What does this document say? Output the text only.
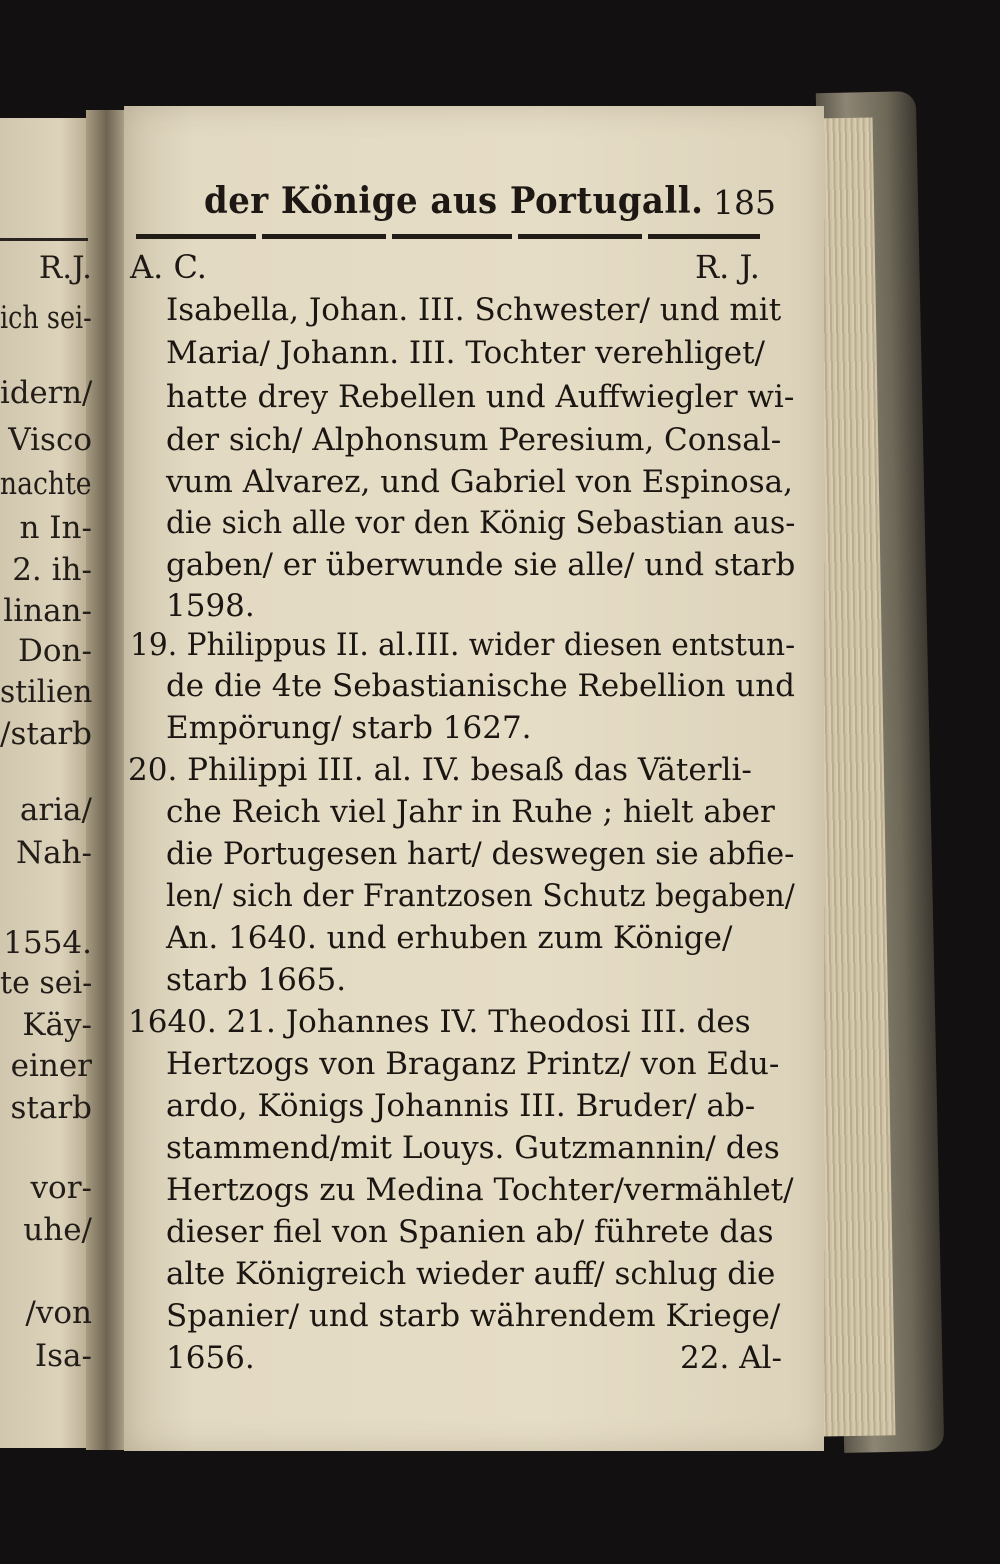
R.J.
ich sei-
idern/
Visco
nachte
n In-
2. ih-
linan-
Don-
stilien
/starb
aria/
Nah-
1554.
te sei-
Käy-
einer
starb
vor-
uhe/
/von
Isa-
der Könige aus Portugall. 185
A. C.	R. J.
Isabella, Johan. III. Schwester/ und mit
Maria/ Johann. III. Tochter verehliget/
hatte drey Rebellen und Auffwiegler wi-
der sich/ Alphonsum Peresium, Consal-
vum Alvarez, und Gabriel von Espinosa,
die sich alle vor den König Sebastian aus-
gaben/ er überwunde sie alle/ und starb
1598.
19. Philippus II. al.III. wider diesen entstun-
de die 4te Sebastianische Rebellion und
Empörung/ starb 1627.
20. Philippi III. al. IV. besaß das Väterli-
che Reich viel Jahr in Ruhe ; hielt aber
die Portugesen hart/ deswegen sie abfie-
len/ sich der Frantzosen Schutz begaben/
An. 1640. und erhuben zum Könige/
starb 1665.
1640. 21. Johannes IV. Theodosi III. des
Hertzogs von Braganz Printz/ von Edu-
ardo, Königs Johannis III. Bruder/ ab-
stammend/mit Louys. Gutzmannin/ des
Hertzogs zu Medina Tochter/vermählet/
dieser fiel von Spanien ab/ führete das
alte Königreich wieder auff/ schlug die
Spanier/ und starb währendem Kriege/
1656.	22. Al-
